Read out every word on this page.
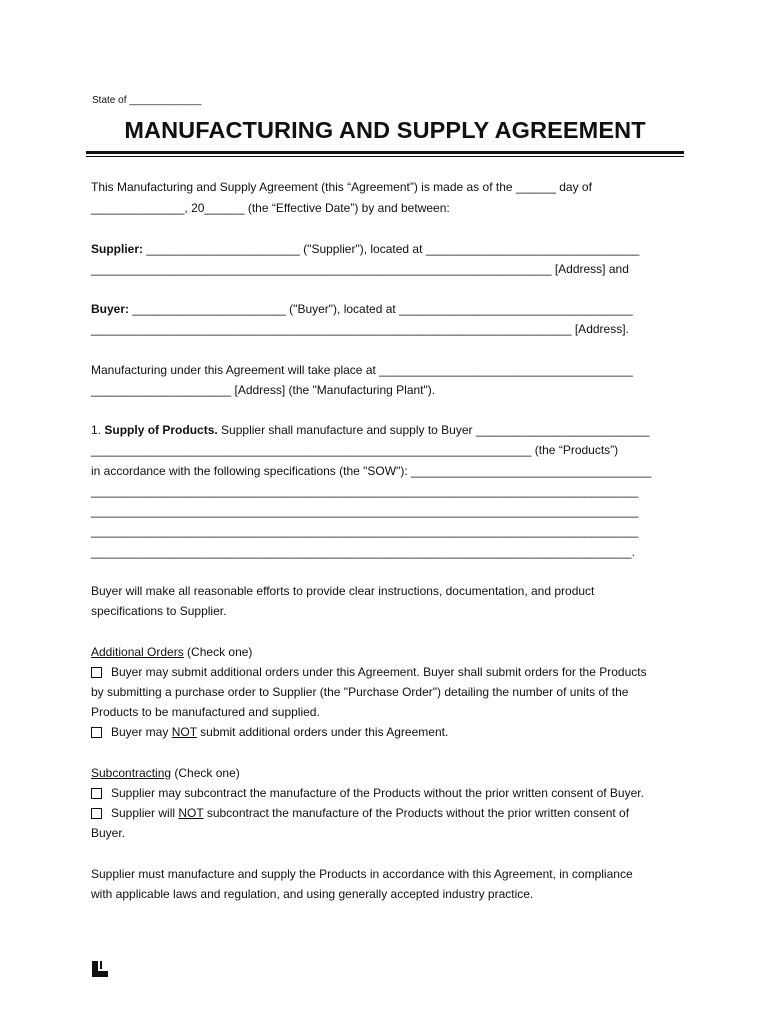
State of _____________
MANUFACTURING AND SUPPLY AGREEMENT
This Manufacturing and Supply Agreement (this “Agreement”) is made as of the ______ day of
______________, 20______ (the “Effective Date”) by and between:
Supplier: _______________________ ("Supplier"), located at ________________________________
_____________________________________________________________________ [Address] and
Buyer: _______________________ ("Buyer"), located at ___________________________________
________________________________________________________________________ [Address].
Manufacturing under this Agreement will take place at ______________________________________
_____________________ [Address] (the "Manufacturing Plant").
1. Supply of Products. Supplier shall manufacture and supply to Buyer __________________________
__________________________________________________________________ (the “Products”)
in accordance with the following specifications (the "SOW"): ____________________________________
__________________________________________________________________________________
__________________________________________________________________________________
__________________________________________________________________________________
_________________________________________________________________________________.
Buyer will make all reasonable efforts to provide clear instructions, documentation, and product
specifications to Supplier.
Additional Orders (Check one)
Buyer may submit additional orders under this Agreement. Buyer shall submit orders for the Products
by submitting a purchase order to Supplier (the "Purchase Order") detailing the number of units of the
Products to be manufactured and supplied.
Buyer may NOT submit additional orders under this Agreement.
Subcontracting (Check one)
Supplier may subcontract the manufacture of the Products without the prior written consent of Buyer.
Supplier will NOT subcontract the manufacture of the Products without the prior written consent of
Buyer.
Supplier must manufacture and supply the Products in accordance with this Agreement, in compliance
with applicable laws and regulation, and using generally accepted industry practice.
